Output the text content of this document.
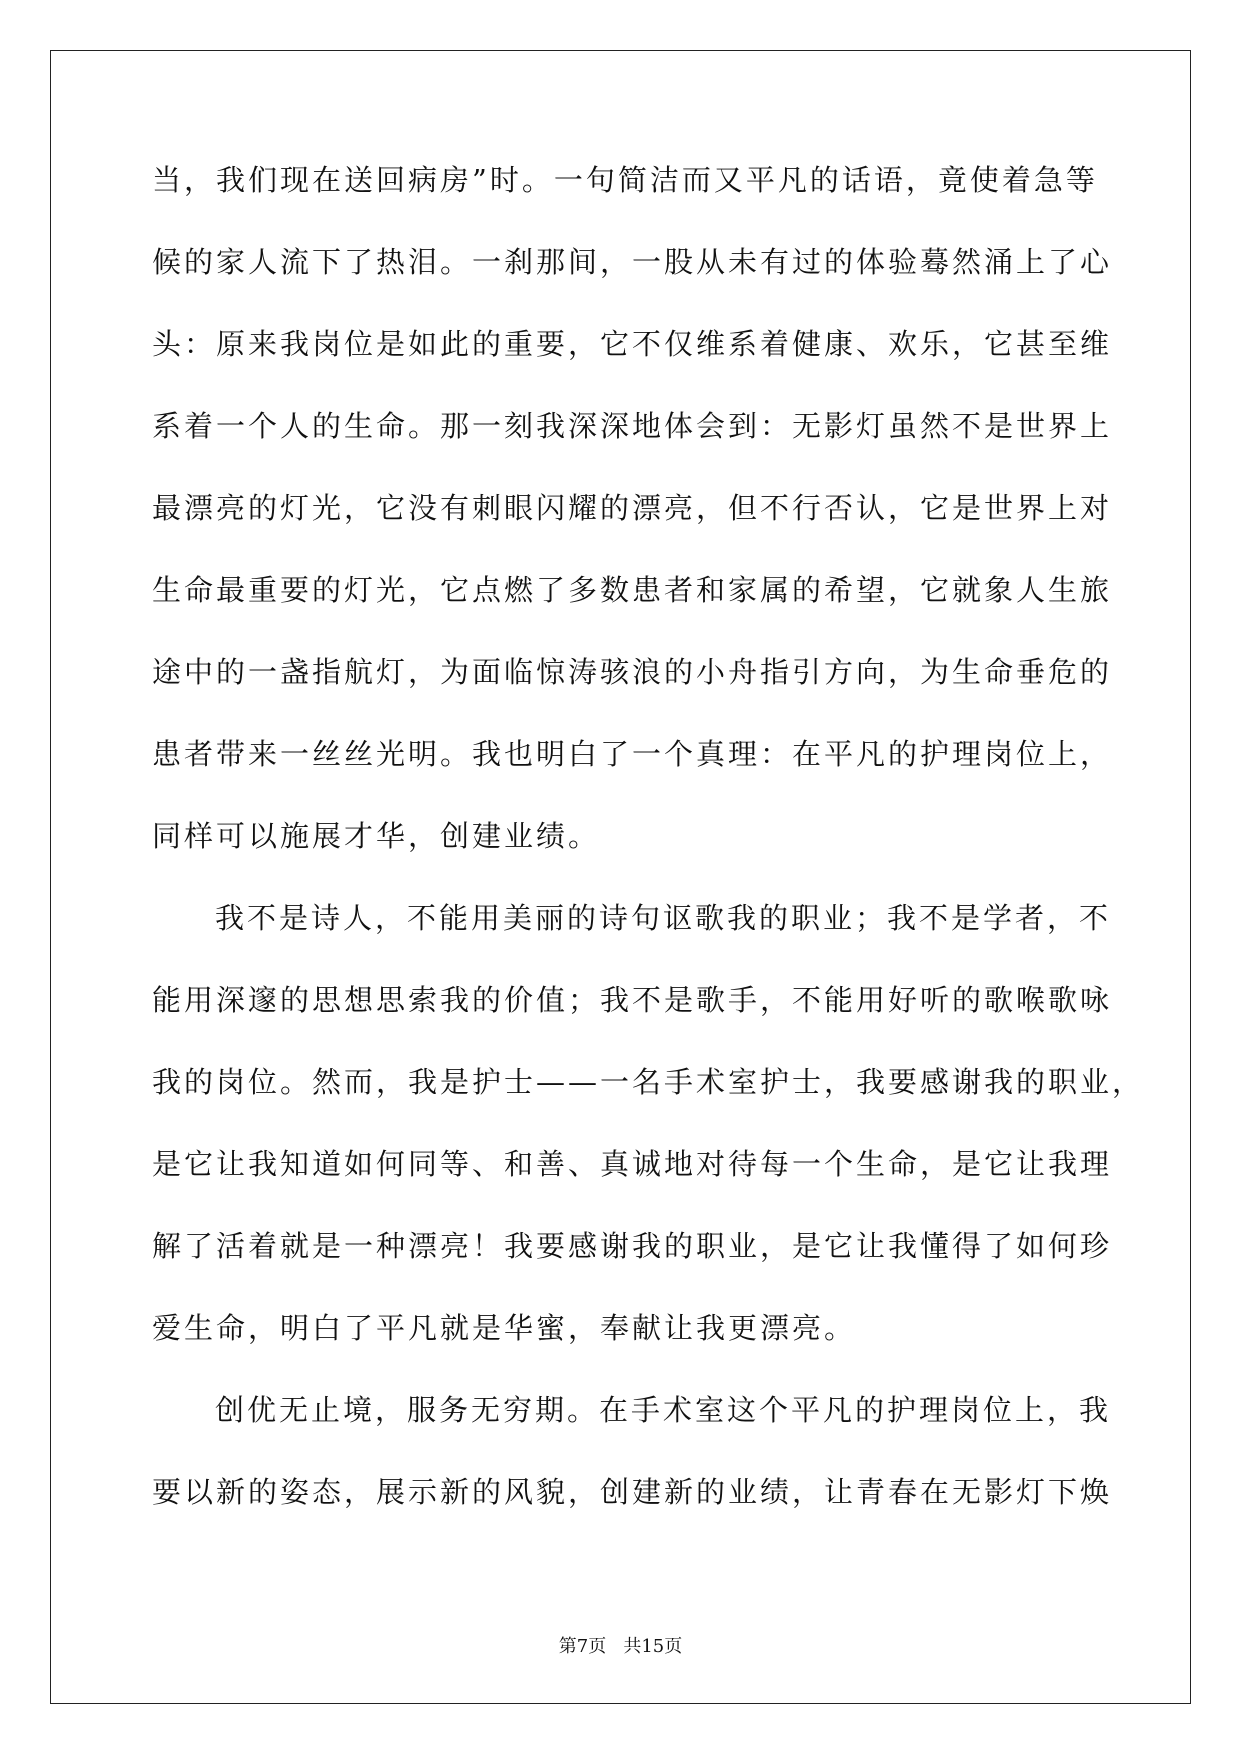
当，我们现在送回病房”时。一句简洁而又平凡的话语，竟使着急等
候的家人流下了热泪。一刹那间，一股从未有过的体验蓦然涌上了心
头：原来我岗位是如此的重要，它不仅维系着健康、欢乐，它甚至维
系着一个人的生命。那一刻我深深地体会到：无影灯虽然不是世界上
最漂亮的灯光，它没有刺眼闪耀的漂亮，但不行否认，它是世界上对
生命最重要的灯光，它点燃了多数患者和家属的希望，它就象人生旅
途中的一盏指航灯，为面临惊涛骇浪的小舟指引方向，为生命垂危的
患者带来一丝丝光明。我也明白了一个真理：在平凡的护理岗位上，
同样可以施展才华，创建业绩。
我不是诗人，不能用美丽的诗句讴歌我的职业；我不是学者，不
能用深邃的思想思索我的价值；我不是歌手，不能用好听的歌喉歌咏
我的岗位。然而，我是护士——一名手术室护士，我要感谢我的职业，
是它让我知道如何同等、和善、真诚地对待每一个生命，是它让我理
解了活着就是一种漂亮！我要感谢我的职业，是它让我懂得了如何珍
爱生命，明白了平凡就是华蜜，奉献让我更漂亮。
创优无止境，服务无穷期。在手术室这个平凡的护理岗位上，我
要以新的姿态，展示新的风貌，创建新的业绩，让青春在无影灯下焕
第7页 共15页
